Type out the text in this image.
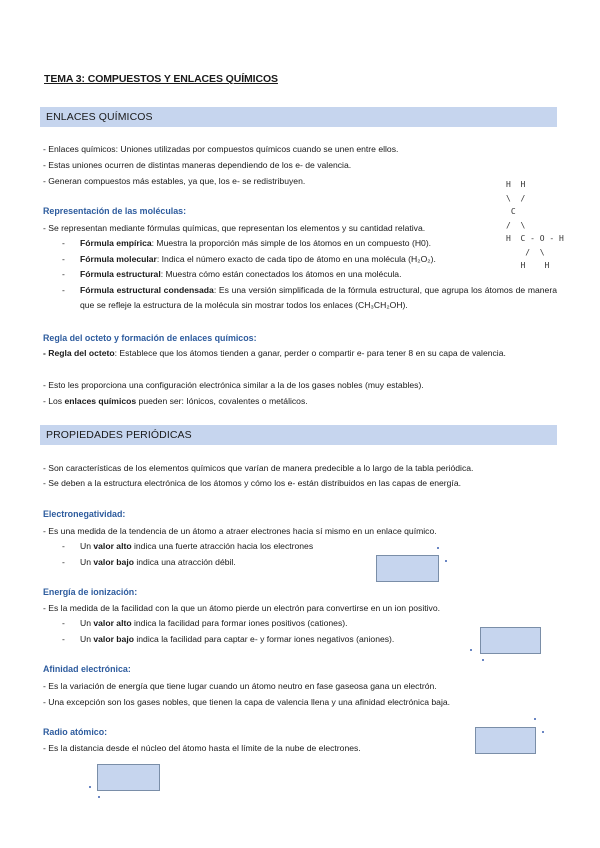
TEMA 3: COMPUESTOS Y ENLACES QUÍMICOS
ENLACES QUÍMICOS
- Enlaces químicos: Uniones utilizadas por compuestos químicos cuando se unen entre ellos.
- Estas uniones ocurren de distintas maneras dependiendo de los e- de valencia.
- Generan compuestos más estables, ya que, los e- se redistribuyen.	H  H
\  /
C
/  \
H  C - O - H
/  \
H    H
Representación de las moléculas:
- Se representan mediante fórmulas químicas, que representan los elementos y su cantidad relativa.
- Fórmula empírica: Muestra la proporción más simple de los átomos en un compuesto (H0).
- Fórmula molecular: Indica el número exacto de cada tipo de átomo en una molécula (H₂O₂).
- Fórmula estructural: Muestra cómo están conectados los átomos en una molécula.
- Fórmula estructural condensada: Es una versión simplificada de la fórmula estructural, que agrupa los átomos de manera que se refleje la estructura de la molécula sin mostrar todos los enlaces (CH₃CH₂OH).
Regla del octeto y formación de enlaces químicos:
- Regla del octeto: Establece que los átomos tienden a ganar, perder o compartir e- para tener 8 en su capa de valencia.
- Esto les proporciona una configuración electrónica similar a la de los gases nobles (muy estables).
- Los enlaces químicos pueden ser: Iónicos, covalentes o metálicos.
PROPIEDADES PERIÓDICAS
- Son características de los elementos químicos que varían de manera predecible a lo largo de la tabla periódica.
- Se deben a la estructura electrónica de los átomos y cómo los e- están distribuidos en las capas de energía.
Electronegatividad:
- Es una medida de la tendencia de un átomo a atraer electrones hacia sí mismo en un enlace químico.
- Un valor alto indica una fuerte atracción hacia los electrones
- Un valor bajo indica una atracción débil.
Energía de ionización:
- Es la medida de la facilidad con la que un átomo pierde un electrón para convertirse en un ion positivo.
- Un valor alto indica la facilidad para formar iones positivos (cationes).
- Un valor bajo indica la facilidad para captar e- y formar iones negativos (aniones).
Afinidad electrónica:
- Es la variación de energía que tiene lugar cuando un átomo neutro en fase gaseosa gana un electrón.
- Una excepción son los gases nobles, que tienen la capa de valencia llena y una afinidad electrónica baja.
Radio atómico:
- Es la distancia desde el núcleo del átomo hasta el límite de la nube de electrones.
